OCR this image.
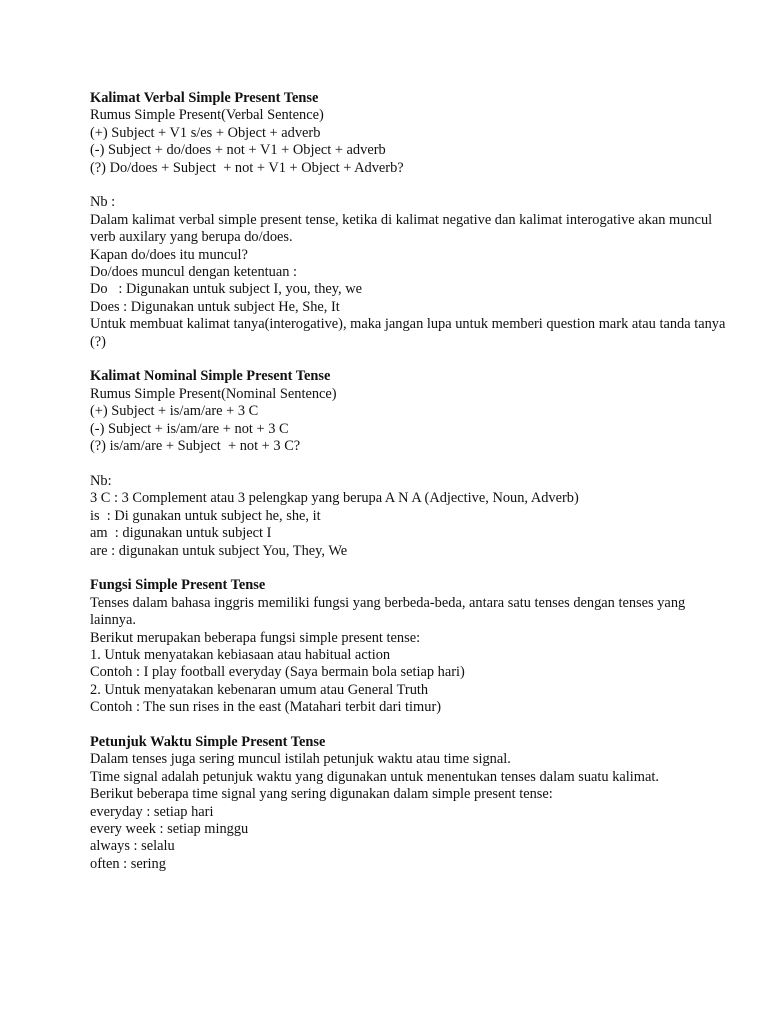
Kalimat Verbal Simple Present Tense
Rumus Simple Present(Verbal Sentence)
(+) Subject + V1 s/es + Object + adverb
(-) Subject + do/does + not + V1 + Object + adverb
(?) Do/does + Subject  + not + V1 + Object + Adverb?
Nb :
Dalam kalimat verbal simple present tense, ketika di kalimat negative dan kalimat interogative akan muncul verb auxilary yang berupa do/does.
Kapan do/does itu muncul?
Do/does muncul dengan ketentuan :
Do   : Digunakan untuk subject I, you, they, we
Does : Digunakan untuk subject He, She, It
Untuk membuat kalimat tanya(interogative), maka jangan lupa untuk memberi question mark atau tanda tanya (?)
Kalimat Nominal Simple Present Tense
Rumus Simple Present(Nominal Sentence)
(+) Subject + is/am/are + 3 C
(-) Subject + is/am/are + not + 3 C
(?) is/am/are + Subject  + not + 3 C?
Nb:
3 C : 3 Complement atau 3 pelengkap yang berupa A N A (Adjective, Noun, Adverb)
is  : Di gunakan untuk subject he, she, it
am  : digunakan untuk subject I
are : digunakan untuk subject You, They, We
Fungsi Simple Present Tense
Tenses dalam bahasa inggris memiliki fungsi yang berbeda-beda, antara satu tenses dengan tenses yang lainnya.
Berikut merupakan beberapa fungsi simple present tense:
1. Untuk menyatakan kebiasaan atau habitual action
Contoh : I play football everyday (Saya bermain bola setiap hari)
2. Untuk menyatakan kebenaran umum atau General Truth
Contoh : The sun rises in the east (Matahari terbit dari timur)
Petunjuk Waktu Simple Present Tense
Dalam tenses juga sering muncul istilah petunjuk waktu atau time signal.
Time signal adalah petunjuk waktu yang digunakan untuk menentukan tenses dalam suatu kalimat.
Berikut beberapa time signal yang sering digunakan dalam simple present tense:
everyday : setiap hari
every week : setiap minggu
always : selalu
often : sering
